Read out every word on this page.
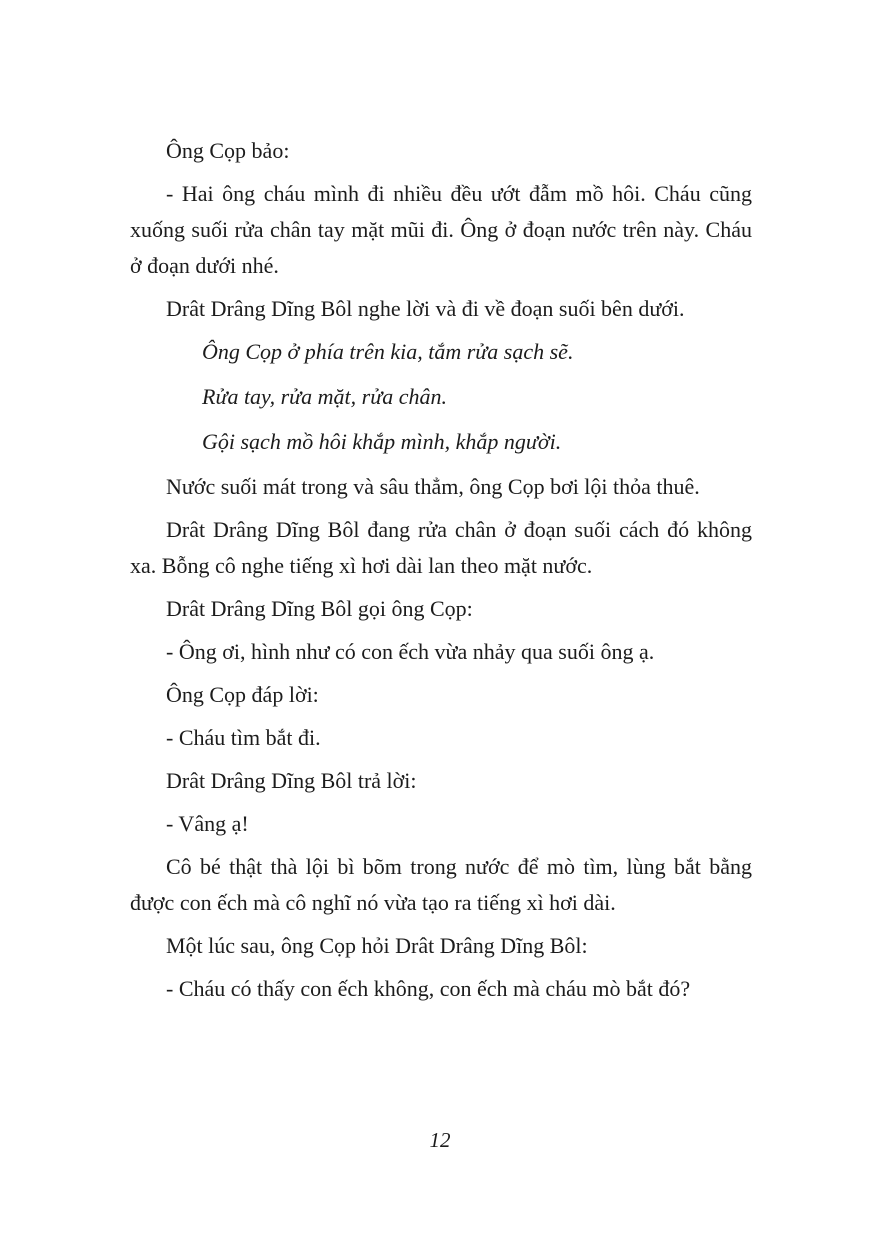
Ông Cọp bảo:

- Hai ông cháu mình đi nhiều đều ướt đẫm mồ hôi. Cháu cũng xuống suối rửa chân tay mặt mũi đi. Ông ở đoạn nước trên này. Cháu ở đoạn dưới nhé.

Drât Drâng Dĩng Bôl nghe lời và đi về đoạn suối bên dưới.

Ông Cọp ở phía trên kia, tắm rửa sạch sẽ.

Rửa tay, rửa mặt, rửa chân.

Gội sạch mồ hôi khắp mình, khắp người.

Nước suối mát trong và sâu thẳm, ông Cọp bơi lội thỏa thuê.

Drât Drâng Dĩng Bôl đang rửa chân ở đoạn suối cách đó không xa. Bỗng cô nghe tiếng xì hơi dài lan theo mặt nước.

Drât Drâng Dĩng Bôl gọi ông Cọp:

- Ông ơi, hình như có con ếch vừa nhảy qua suối ông ạ.

Ông Cọp đáp lời:

- Cháu tìm bắt đi.

Drât Drâng Dĩng Bôl trả lời:

- Vâng ạ!

Cô bé thật thà lội bì bõm trong nước để mò tìm, lùng bắt bằng được con ếch mà cô nghĩ nó vừa tạo ra tiếng xì hơi dài.

Một lúc sau, ông Cọp hỏi Drât Drâng Dĩng Bôl:

- Cháu có thấy con ếch không, con ếch mà cháu mò bắt đó?

12
